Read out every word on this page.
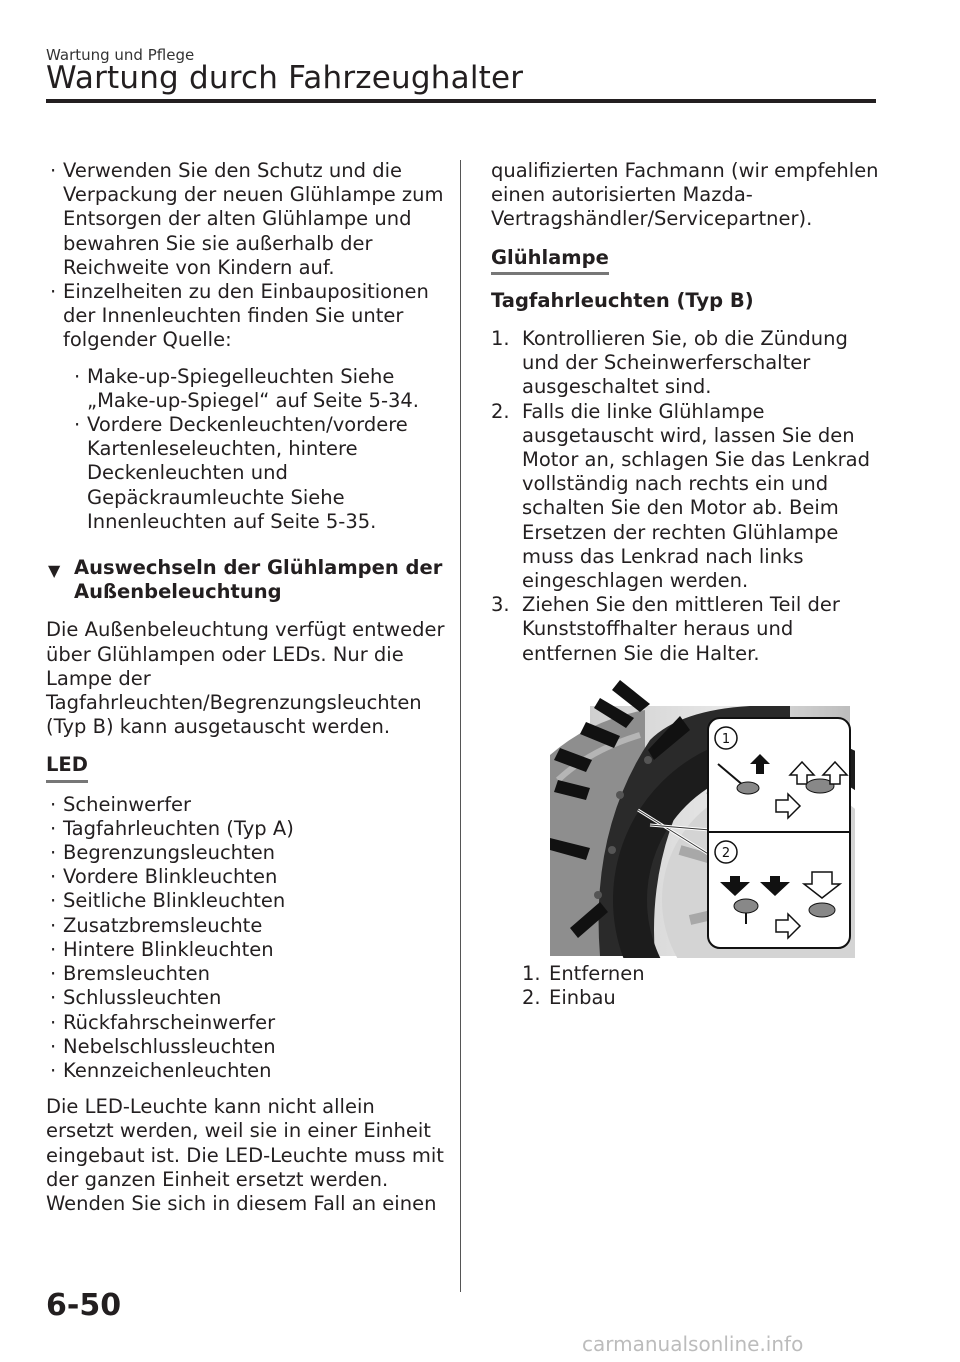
Wartung und Pflege
Wartung durch Fahrzeughalter

· Verwenden Sie den Schutz und die Verpackung der neuen Glühlampe zum Entsorgen der alten Glühlampe und bewahren Sie sie außerhalb der Reichweite von Kindern auf.

· Einzelheiten zu den Einbaupositionen der Innenleuchten finden Sie unter folgender Quelle:

· Make-up-Spiegelleuchten Siehe „Make-up-Spiegel“ auf Seite 5-34.

· Vordere Deckenleuchten/vordere Kartenleseleuchten, hintere Deckenleuchten und Gepäckraumleuchte Siehe Innenleuchten auf Seite 5-35.

▼ Auswechseln der Glühlampen der Außenbeleuchtung

Die Außenbeleuchtung verfügt entweder über Glühlampen oder LEDs. Nur die Lampe der Tagfahrleuchten/Begrenzungsleuchten (Typ B) kann ausgetauscht werden.

LED

· Scheinwerfer

· Tagfahrleuchten (Typ A)

· Begrenzungsleuchten

· Vordere Blinkleuchten

· Seitliche Blinkleuchten

· Zusatzbremsleuchte

· Hintere Blinkleuchten

· Bremsleuchten

· Schlussleuchten

· Rückfahrscheinwerfer

· Nebelschlussleuchten

· Kennzeichenleuchten

Die LED-Leuchte kann nicht allein ersetzt werden, weil sie in einer Einheit eingebaut ist. Die LED-Leuchte muss mit der ganzen Einheit ersetzt werden. Wenden Sie sich in diesem Fall an einen

qualifizierten Fachmann (wir empfehlen einen autorisierten Mazda-Vertragshändler/Servicepartner).

Glühlampe

Tagfahrleuchten (Typ B)

1. Kontrollieren Sie, ob die Zündung und der Scheinwerferschalter ausgeschaltet sind.

2. Falls die linke Glühlampe ausgetauscht wird, lassen Sie den Motor an, schlagen Sie das Lenkrad vollständig nach rechts ein und schalten Sie den Motor ab. Beim Ersetzen der rechten Glühlampe muss das Lenkrad nach links eingeschlagen werden.

3. Ziehen Sie den mittleren Teil der Kunststoffhalter heraus und entfernen Sie die Halter.

1
2

1. Entfernen

2. Einbau

6-50
carmanualsonline.info
